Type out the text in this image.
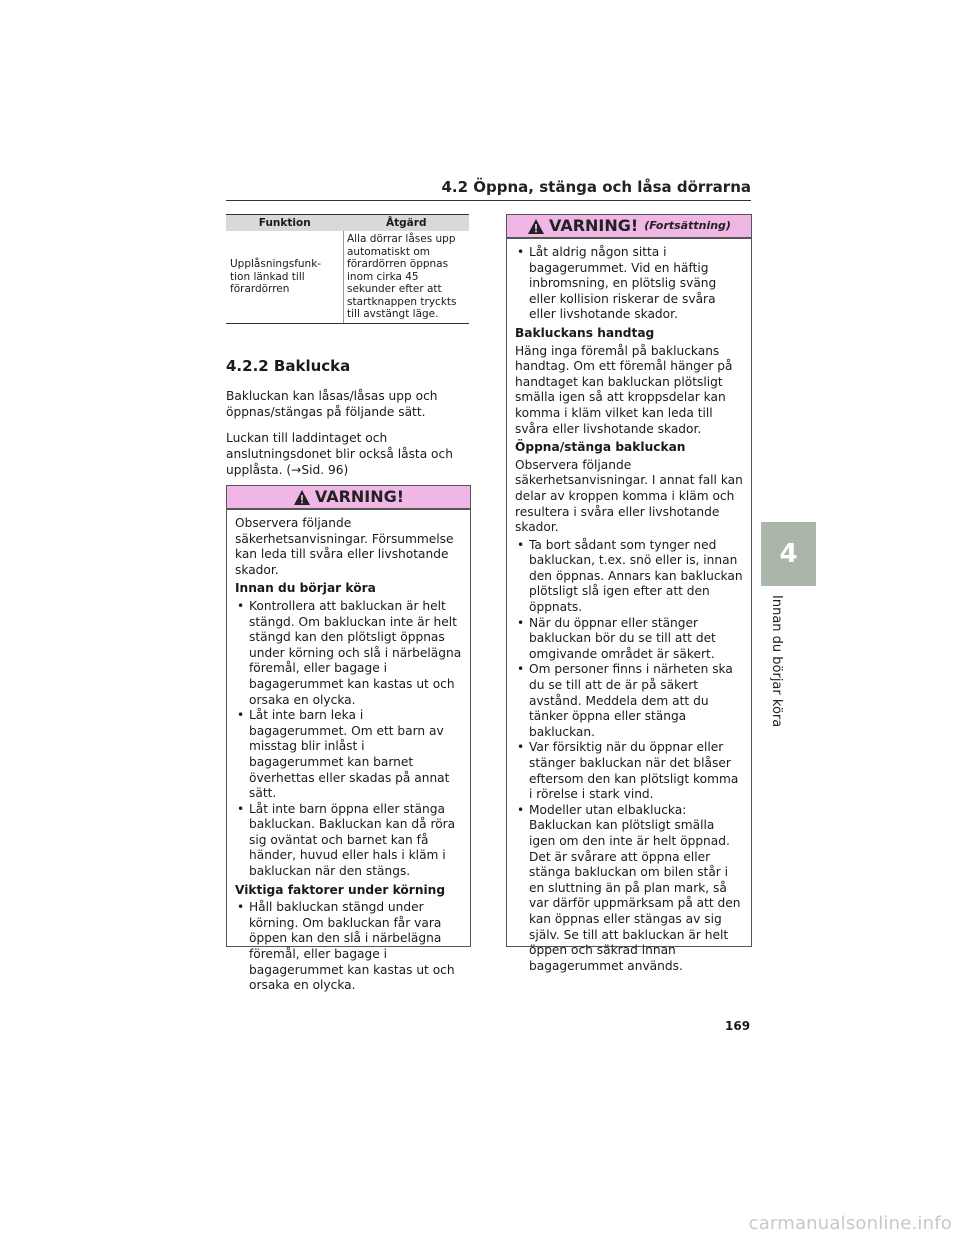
4.2 Öppna, stänga och låsa dörrarna
4
Innan du börjar köra
Funktion	Åtgärd
Upplåsningsfunk-tion länkad till förardörren	Alla dörrar låses upp automatiskt om förardörren öppnas inom cirka 45 sekunder efter att startknappen tryckts till avstängt läge.
4.2.2 Baklucka

Bakluckan kan låsas/låsas upp och öppnas/stängas på följande sätt.

Luckan till laddintaget och anslutningsdonet blir också låsta och upplåsta. (→Sid. 96)

VARNING!

Observera följande säkerhetsanvisningar. Försummelse kan leda till svåra eller livshotande skador.

Innan du börjar köra

• Kontrollera att bakluckan är helt stängd. Om bakluckan inte är helt stängd kan den plötsligt öppnas under körning och slå i närbelägna föremål, eller bagage i bagagerummet kan kastas ut och orsaka en olycka.
• Låt inte barn leka i bagagerummet. Om ett barn av misstag blir inlåst i bagagerummet kan barnet överhettas eller skadas på annat sätt.
• Låt inte barn öppna eller stänga bakluckan. Bakluckan kan då röra sig oväntat och barnet kan få händer, huvud eller hals i kläm i bakluckan när den stängs.

Viktiga faktorer under körning

• Håll bakluckan stängd under körning. Om bakluckan får vara öppen kan den slå i närbelägna föremål, eller bagage i bagagerummet kan kastas ut och orsaka en olycka.
VARNING! (Fortsättning)
• Låt aldrig någon sitta i bagagerummet. Vid en häftig inbromsning, en plötslig sväng eller kollision riskerar de svåra eller livshotande skador.

Bakluckans handtag

Häng inga föremål på bakluckans handtag. Om ett föremål hänger på handtaget kan bakluckan plötsligt smälla igen så att kroppsdelar kan komma i kläm vilket kan leda till svåra eller livshotande skador.

Öppna/stänga bakluckan

Observera följande säkerhetsanvisningar. I annat fall kan delar av kroppen komma i kläm och resultera i svåra eller livshotande skador.

• Ta bort sådant som tynger ned bakluckan, t.ex. snö eller is, innan den öppnas. Annars kan bakluckan plötsligt slå igen efter att den öppnats.
• När du öppnar eller stänger bakluckan bör du se till att det omgivande området är säkert.
• Om personer finns i närheten ska du se till att de är på säkert avstånd. Meddela dem att du tänker öppna eller stänga bakluckan.
• Var försiktig när du öppnar eller stänger bakluckan när det blåser eftersom den kan plötsligt komma i rörelse i stark vind.
• Modeller utan elbaklucka: Bakluckan kan plötsligt smälla igen om den inte är helt öppnad. Det är svårare att öppna eller stänga bakluckan om bilen står i en sluttning än på plan mark, så var därför uppmärksam på att den kan öppnas eller stängas av sig själv. Se till att bakluckan är helt öppen och säkrad innan bagagerummet används.
169
carmanualsonline.info
